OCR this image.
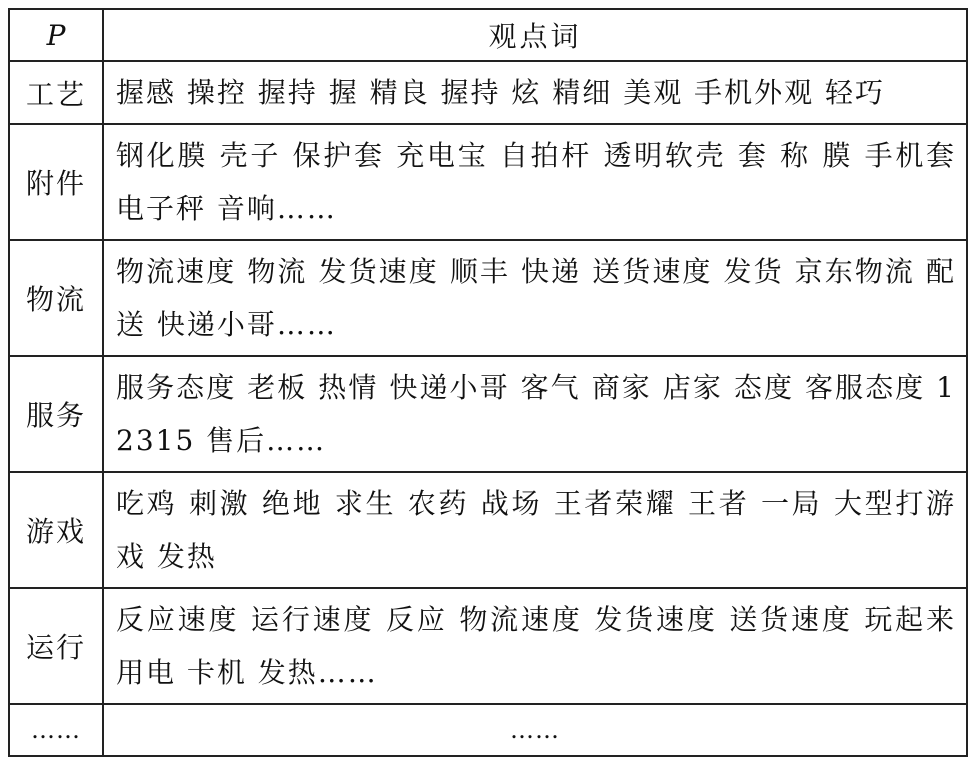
P	观点词
工艺	握感 操控 握持 握 精良 握持 炫 精细 美观 手机外观 轻巧
附件	钢化膜 壳子 保护套 充电宝 自拍杆 透明软壳 套 称 膜 手机套 电子秤 音响……
物流	物流速度 物流 发货速度 顺丰 快递 送货速度 发货 京东物流 配送 快递小哥……
服务	服务态度 老板 热情 快递小哥 客气 商家 店家 态度 客服态度 12315 售后……
游戏	吃鸡 刺激 绝地 求生 农药 战场 王者荣耀 王者 一局 大型打游戏 发热
运行	反应速度 运行速度 反应 物流速度 发货速度 送货速度 玩起来 用电 卡机 发热……
……	……
